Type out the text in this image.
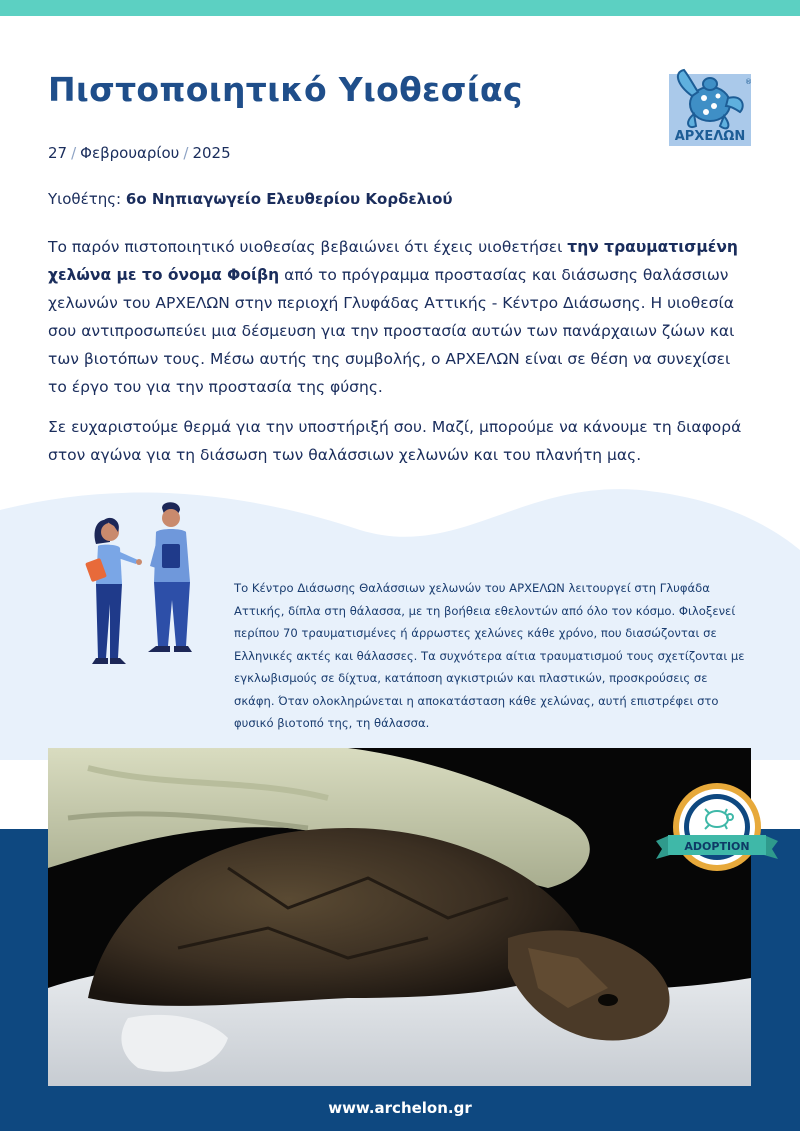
Πιστοποιητικό Υιοθεσίας	®
ΑΡΧΕΛΩΝ
27 / Φεβρουαρίου / 2025
Υιοθέτης: 6ο Νηπιαγωγείο Ελευθερίου Κορδελιού

Το παρόν πιστοποιητικό υιοθεσίας βεβαιώνει ότι έχεις υιοθετήσει την τραυματισμένη χελώνα με το όνομα Φοίβη από το πρόγραμμα προστασίας και διάσωσης θαλάσσιων χελωνών του ΑΡΧΕΛΩΝ στην περιοχή Γλυφάδας Αττικής - Κέντρο Διάσωσης. Η υιοθεσία σου αντιπροσωπεύει μια δέσμευση για την προστασία αυτών των πανάρχαιων ζώων και των βιοτόπων τους. Μέσω αυτής της συμβολής, ο ΑΡΧΕΛΩΝ είναι σε θέση να συνεχίσει το έργο του για την προστασία της φύσης.

Σε ευχαριστούμε θερμά για την υποστήριξή σου. Μαζί, μπορούμε να κάνουμε τη διαφορά στον αγώνα για τη διάσωση των θαλάσσιων χελωνών και του πλανήτη μας.

Το Κέντρο Διάσωσης Θαλάσσιων χελωνών του ΑΡΧΕΛΩΝ λειτουργεί στη Γλυφάδα Αττικής, δίπλα στη θάλασσα, με τη βοήθεια εθελοντών από όλο τον κόσμο. Φιλοξενεί περίπου 70 τραυματισμένες ή άρρωστες χελώνες κάθε χρόνο, που διασώζονται σε Ελληνικές ακτές και θάλασσες. Τα συχνότερα αίτια τραυματισμού τους σχετίζονται με εγκλωβισμούς σε δίχτυα, κατάποση αγκιστριών και πλαστικών, προσκρούσεις σε σκάφη. Όταν ολοκληρώνεται η αποκατάσταση κάθε χελώνας, αυτή επιστρέφει στο φυσικό βιοτοπό της, τη θάλασσα.

ADOPTION
www.archelon.gr
